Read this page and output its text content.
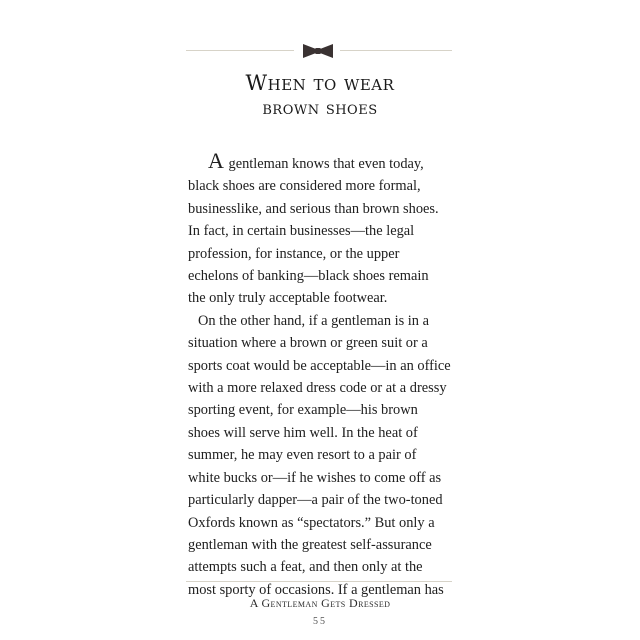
When to wear
brown shoes
A gentleman knows that even today,
black shoes are considered more formal,
businesslike, and serious than brown shoes.
In fact, in certain businesses—the legal
profession, for instance, or the upper
echelons of banking—black shoes remain
the only truly acceptable footwear.
On the other hand, if a gentleman is in a
situation where a brown or green suit or a
sports coat would be acceptable—in an office
with a more relaxed dress code or at a dressy
sporting event, for example—his brown
shoes will serve him well. In the heat of
summer, he may even resort to a pair of
white bucks or—if he wishes to come off as
particularly dapper—a pair of the two-toned
Oxfords known as “spectators.” But only a
gentleman with the greatest self-assurance
attempts such a feat, and then only at the
most sporty of occasions. If a gentleman has
A Gentleman Gets Dressed
55
